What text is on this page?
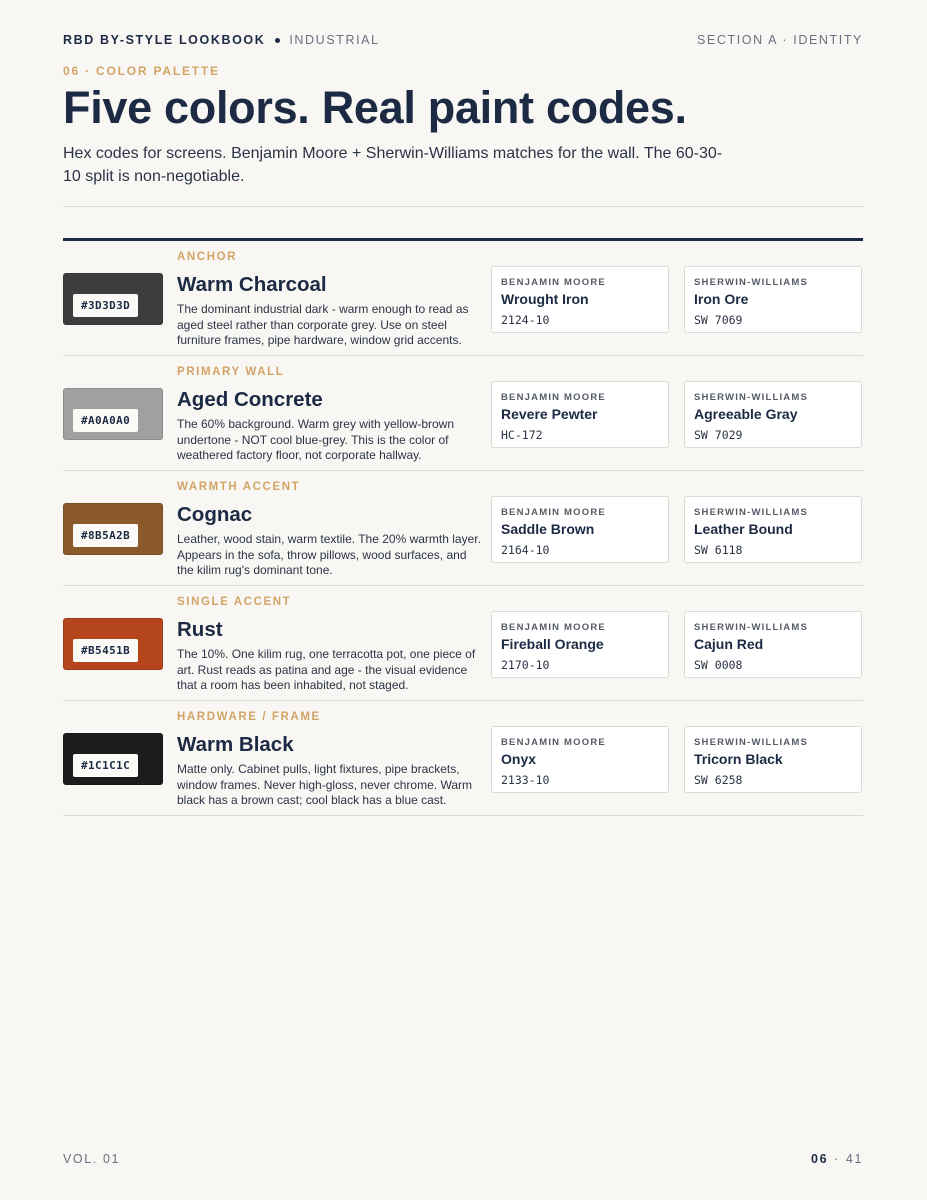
RBD BY-STYLE LOOKBOOK INDUSTRIAL	SECTION A · IDENTITY
06 · COLOR PALETTE
Five colors. Real paint codes.

Hex codes for screens. Benjamin Moore + Sherwin-Williams matches for the wall. The 60-30-10 split is non-negotiable.

#3D3D3D
ANCHOR
Warm Charcoal
The dominant industrial dark - warm enough to read as aged steel rather than corporate grey. Use on steel furniture frames, pipe hardware, window grid accents.
BENJAMIN MOORE
Wrought Iron
2124-10
SHERWIN-WILLIAMS
Iron Ore
SW 7069
#A0A0A0
PRIMARY WALL
Aged Concrete
The 60% background. Warm grey with yellow-brown undertone - NOT cool blue-grey. This is the color of weathered factory floor, not corporate hallway.
BENJAMIN MOORE
Revere Pewter
HC-172
SHERWIN-WILLIAMS
Agreeable Gray
SW 7029
#8B5A2B
WARMTH ACCENT
Cognac
Leather, wood stain, warm textile. The 20% warmth layer. Appears in the sofa, throw pillows, wood surfaces, and the kilim rug's dominant tone.
BENJAMIN MOORE
Saddle Brown
2164-10
SHERWIN-WILLIAMS
Leather Bound
SW 6118
#B5451B
SINGLE ACCENT
Rust
The 10%. One kilim rug, one terracotta pot, one piece of art. Rust reads as patina and age - the visual evidence that a room has been inhabited, not staged.
BENJAMIN MOORE
Fireball Orange
2170-10
SHERWIN-WILLIAMS
Cajun Red
SW 0008
#1C1C1C
HARDWARE / FRAME
Warm Black
Matte only. Cabinet pulls, light fixtures, pipe brackets, window frames. Never high-gloss, never chrome. Warm black has a brown cast; cool black has a blue cast.
BENJAMIN MOORE
Onyx
2133-10
SHERWIN-WILLIAMS
Tricorn Black
SW 6258
VOL. 01	06 · 41
